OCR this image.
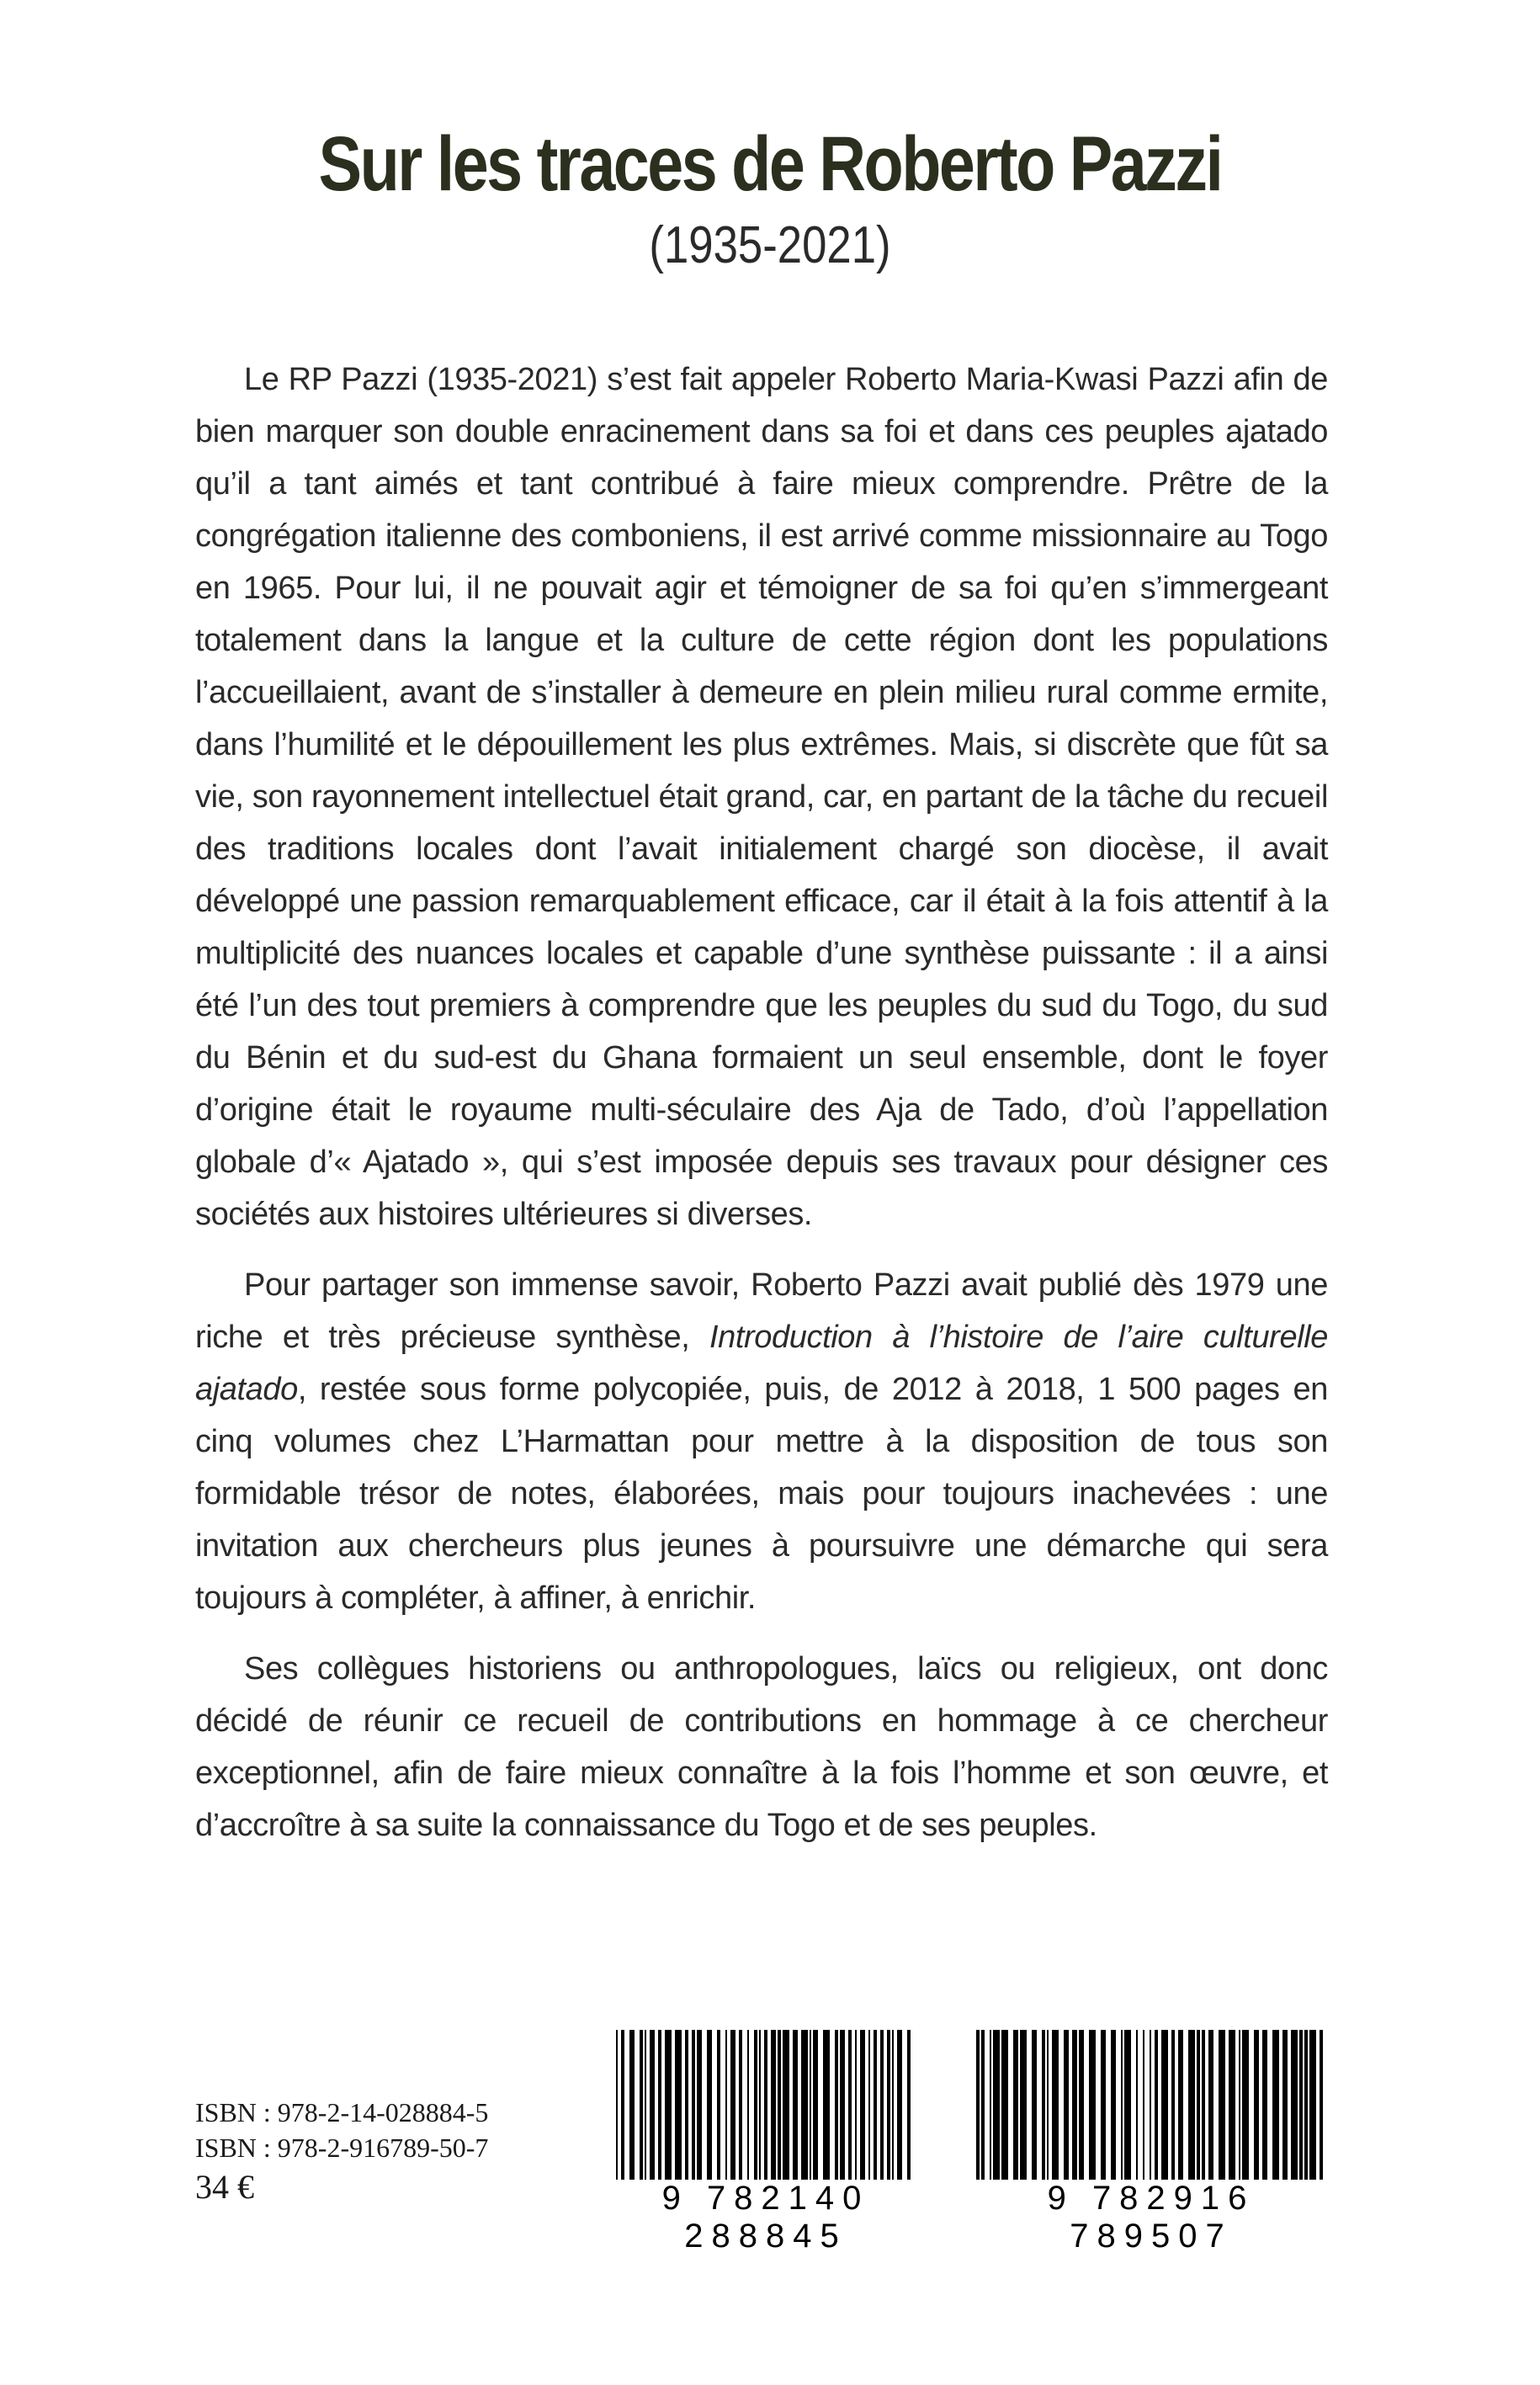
Sur les traces de Roberto Pazzi
(1935-2021)

Le RP Pazzi (1935-2021) s’est fait appeler Roberto Maria-Kwasi Pazzi afin de bien marquer son double enracinement dans sa foi et dans ces peuples ajatado qu’il a tant aimés et tant contribué à faire mieux comprendre. Prêtre de la congrégation italienne des comboniens, il est arrivé comme missionnaire au Togo en 1965. Pour lui, il ne pouvait agir et témoigner de sa foi qu’en s’immergeant totalement dans la langue et la culture de cette région dont les populations l’accueillaient, avant de s’installer à demeure en plein milieu rural comme ermite, dans l’humilité et le dépouillement les plus extrêmes. Mais, si discrète que fût sa vie, son rayonnement intellectuel était grand, car, en partant de la tâche du recueil des traditions locales dont l’avait initialement chargé son diocèse, il avait développé une passion remarquablement efficace, car il était à la fois attentif à la multiplicité des nuances locales et capable d’une synthèse puissante : il a ainsi été l’un des tout premiers à comprendre que les peuples du sud du Togo, du sud du Bénin et du sud-est du Ghana formaient un seul ensemble, dont le foyer d’origine était le royaume multi-séculaire des Aja de Tado, d’où l’appellation globale d’« Ajatado », qui s’est imposée depuis ses travaux pour désigner ces sociétés aux histoires ultérieures si diverses.

Pour partager son immense savoir, Roberto Pazzi avait publié dès 1979 une riche et très précieuse synthèse, Introduction à l’histoire de l’aire culturelle ajatado, restée sous forme polycopiée, puis, de 2012 à 2018, 1 500 pages en cinq volumes chez L’Harmattan pour mettre à la disposition de tous son formidable trésor de notes, élaborées, mais pour toujours inachevées : une invitation aux chercheurs plus jeunes à poursuivre une démarche qui sera toujours à compléter, à affiner, à enrichir.

Ses collègues historiens ou anthropologues, laïcs ou religieux, ont donc décidé de réunir ce recueil de contributions en hommage à ce chercheur exceptionnel, afin de faire mieux connaître à la fois l’homme et son œuvre, et d’accroître à sa suite la connaissance du Togo et de ses peuples.

ISBN : 978-2-14-028884-5
ISBN : 978-2-916789-50-7
34 €	9 782140 288845
9 782916 789507
